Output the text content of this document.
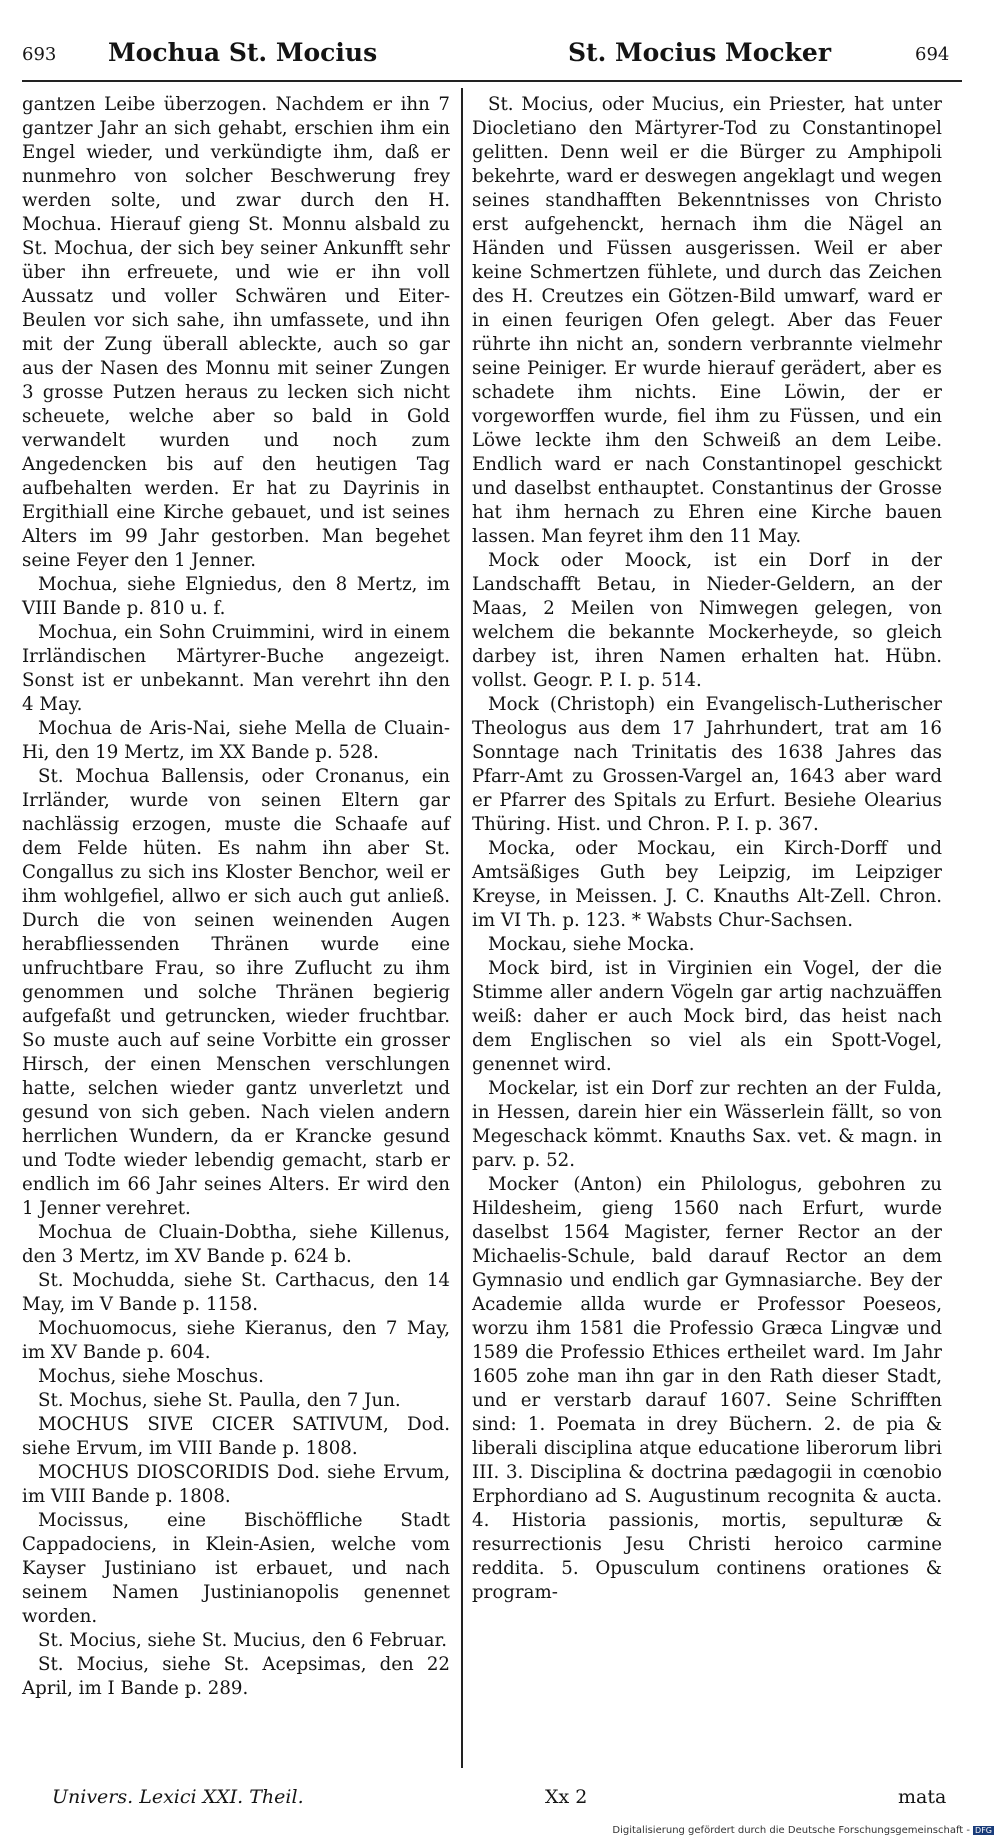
693 Mochua St. Mocius	St. Mocius Mocker	694

gantzen Leibe überzogen. Nachdem er ihn 7 gantzer Jahr an sich gehabt, erschien ihm ein Engel wieder, und verkündigte ihm, daß er nunmehro von solcher Beschwerung frey werden solte, und zwar durch den H. Mochua. Hierauf gieng St. Monnu alsbald zu St. Mochua, der sich bey seiner Ankunfft sehr über ihn erfreuete, und wie er ihn voll Aussatz und voller Schwären und Eiter-Beulen vor sich sahe, ihn umfassete, und ihn mit der Zung überall ableckte, auch so gar aus der Nasen des Monnu mit seiner Zungen 3 grosse Putzen heraus zu lecken sich nicht scheuete, welche aber so bald in Gold verwandelt wurden und noch zum Angedencken bis auf den heutigen Tag aufbehalten werden. Er hat zu Dayrinis in Ergithiall eine Kirche gebauet, und ist seines Alters im 99 Jahr gestorben. Man begehet seine Feyer den 1 Jenner.

Mochua, siehe Elgniedus, den 8 Mertz, im VIII Bande p. 810 u. f.

Mochua, ein Sohn Cruimmini, wird in einem Irrländischen Märtyrer-Buche angezeigt. Sonst ist er unbekannt. Man verehrt ihn den 4 May.

Mochua de Aris-Nai, siehe Mella de Cluain-Hi, den 19 Mertz, im XX Bande p. 528.

St. Mochua Ballensis, oder Cronanus, ein Irrländer, wurde von seinen Eltern gar nachlässig erzogen, muste die Schaafe auf dem Felde hüten. Es nahm ihn aber St. Congallus zu sich ins Kloster Benchor, weil er ihm wohlgefiel, allwo er sich auch gut anließ. Durch die von seinen weinenden Augen herabfliessenden Thränen wurde eine unfruchtbare Frau, so ihre Zuflucht zu ihm genommen und solche Thränen begierig aufgefaßt und getruncken, wieder fruchtbar. So muste auch auf seine Vorbitte ein grosser Hirsch, der einen Menschen verschlungen hatte, selchen wieder gantz unverletzt und gesund von sich geben. Nach vielen andern herrlichen Wundern, da er Krancke gesund und Todte wieder lebendig gemacht, starb er endlich im 66 Jahr seines Alters. Er wird den 1 Jenner verehret.

Mochua de Cluain-Dobtha, siehe Killenus, den 3 Mertz, im XV Bande p. 624 b.

St. Mochudda, siehe St. Carthacus, den 14 May, im V Bande p. 1158.

Mochuomocus, siehe Kieranus, den 7 May, im XV Bande p. 604.

Mochus, siehe Moschus.

St. Mochus, siehe St. Paulla, den 7 Jun.

MOCHUS SIVE CICER SATIVUM, Dod. siehe Ervum, im VIII Bande p. 1808.

MOCHUS DIOSCORIDIS Dod. siehe Ervum, im VIII Bande p. 1808.

Mocissus, eine Bischöffliche Stadt Cappadociens, in Klein-Asien, welche vom Kayser Justiniano ist erbauet, und nach seinem Namen Justinianopolis genennet worden.

St. Mocius, siehe St. Mucius, den 6 Februar.

St. Mocius, siehe St. Acepsimas, den 22 April, im I Bande p. 289.

St. Mocius, oder Mucius, ein Priester, hat unter Diocletiano den Märtyrer-Tod zu Constantinopel gelitten. Denn weil er die Bürger zu Amphipoli bekehrte, ward er deswegen angeklagt und wegen seines standhafften Bekenntnisses von Christo erst aufgehenckt, hernach ihm die Nägel an Händen und Füssen ausgerissen. Weil er aber keine Schmertzen fühlete, und durch das Zeichen des H. Creutzes ein Götzen-Bild umwarf, ward er in einen feurigen Ofen gelegt. Aber das Feuer rührte ihn nicht an, sondern verbrannte vielmehr seine Peiniger. Er wurde hierauf gerädert, aber es schadete ihm nichts. Eine Löwin, der er vorgeworffen wurde, fiel ihm zu Füssen, und ein Löwe leckte ihm den Schweiß an dem Leibe. Endlich ward er nach Constantinopel geschickt und daselbst enthauptet. Constantinus der Grosse hat ihm hernach zu Ehren eine Kirche bauen lassen. Man feyret ihm den 11 May.

Mock oder Moock, ist ein Dorf in der Landschafft Betau, in Nieder-Geldern, an der Maas, 2 Meilen von Nimwegen gelegen, von welchem die bekannte Mockerheyde, so gleich darbey ist, ihren Namen erhalten hat. Hübn. vollst. Geogr. P. I. p. 514.

Mock (Christoph) ein Evangelisch-Lutherischer Theologus aus dem 17 Jahrhundert, trat am 16 Sonntage nach Trinitatis des 1638 Jahres das Pfarr-Amt zu Grossen-Vargel an, 1643 aber ward er Pfarrer des Spitals zu Erfurt. Besiehe Olearius Thüring. Hist. und Chron. P. I. p. 367.

Mocka, oder Mockau, ein Kirch-Dorff und Amtsäßiges Guth bey Leipzig, im Leipziger Kreyse, in Meissen. J. C. Knauths Alt-Zell. Chron. im VI Th. p. 123. * Wabsts Chur-Sachsen.

Mockau, siehe Mocka.

Mock bird, ist in Virginien ein Vogel, der die Stimme aller andern Vögeln gar artig nachzuäffen weiß: daher er auch Mock bird, das heist nach dem Englischen so viel als ein Spott-Vogel, genennet wird.

Mockelar, ist ein Dorf zur rechten an der Fulda, in Hessen, darein hier ein Wässerlein fällt, so von Megeschack kömmt. Knauths Sax. vet. & magn. in parv. p. 52.

Mocker (Anton) ein Philologus, gebohren zu Hildesheim, gieng 1560 nach Erfurt, wurde daselbst 1564 Magister, ferner Rector an der Michaelis-Schule, bald darauf Rector an dem Gymnasio und endlich gar Gymnasiarche. Bey der Academie allda wurde er Professor Poeseos, worzu ihm 1581 die Professio Græca Lingvæ und 1589 die Professio Ethices ertheilet ward. Im Jahr 1605 zohe man ihn gar in den Rath dieser Stadt, und er verstarb darauf 1607. Seine Schrifften sind: 1. Poemata in drey Büchern. 2. de pia & liberali disciplina atque educatione liberorum libri III. 3. Disciplina & doctrina pædagogii in cœnobio Erphordiano ad S. Augustinum recognita & aucta. 4. Historia passionis, mortis, sepulturæ & resurrectionis Jesu Christi heroico carmine reddita. 5. Opusculum continens orationes & program-

Univers. Lexici XXI. Theil.	Xx 2	mata
Digitalisierung gefördert durch die Deutsche Forschungsgemeinschaft - DFG
